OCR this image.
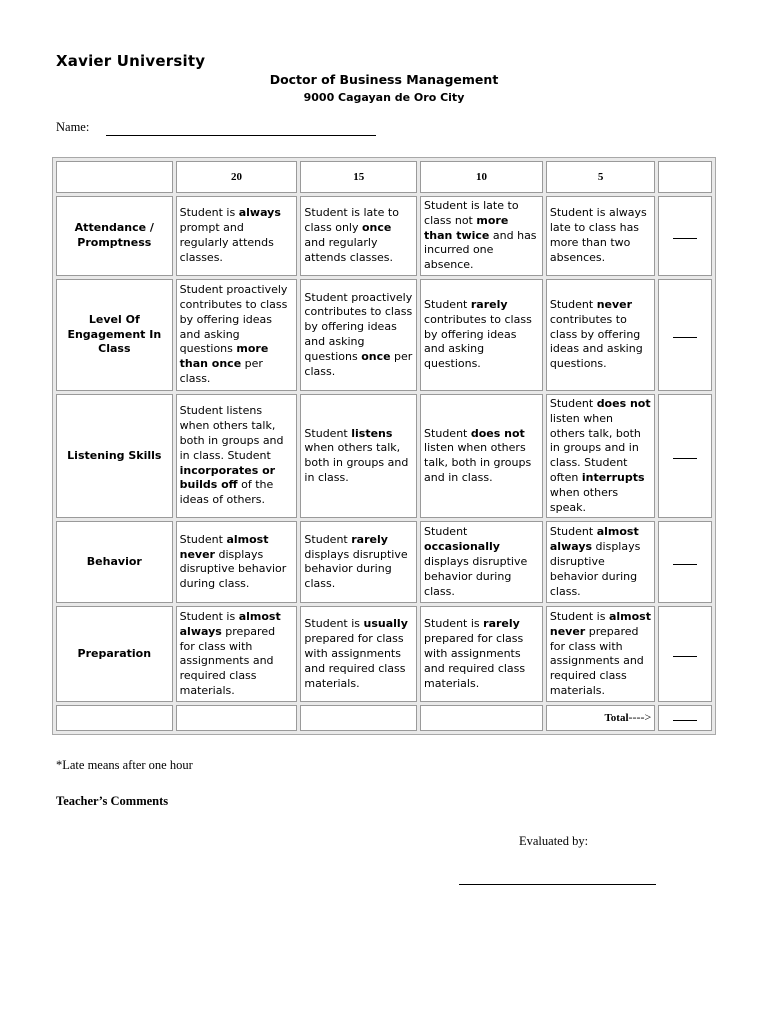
Xavier University
Doctor of Business Management
9000 Cagayan de Oro City
Name:
	20	15	10	5	
Attendance / Promptness	Student is always prompt and regularly attends classes.	Student is late to class only once and regularly attends classes.	Student is late to class not more than twice and has incurred one absence.	Student is always late to class has more than two absences.	
Level Of Engagement In Class	Student proactively contributes to class by offering ideas and asking questions more than once per class.	Student proactively contributes to class by offering ideas and asking questions once per class.	Student rarely contributes to class by offering ideas and asking questions.	Student never contributes to class by offering ideas and asking questions.	
Listening Skills	Student listens when others talk, both in groups and in class. Student incorporates or builds off of the ideas of others.	Student listens when others talk, both in groups and in class.	Student does not listen when others talk, both in groups and in class.	Student does not listen when others talk, both in groups and in class. Student often interrupts when others speak.	
Behavior	Student almost never displays disruptive behavior during class.	Student rarely displays disruptive behavior during class.	Student occasionally displays disruptive behavior during class.	Student almost always displays disruptive behavior during class.	
Preparation	Student is almost always prepared for class with assignments and required class materials.	Student is usually prepared for class with assignments and required class materials.	Student is rarely prepared for class with assignments and required class materials.	Student is almost never prepared for class with assignments and required class materials.	
				Total---->	
*Late means after one hour
Teacher’s Comments
Evaluated by:
